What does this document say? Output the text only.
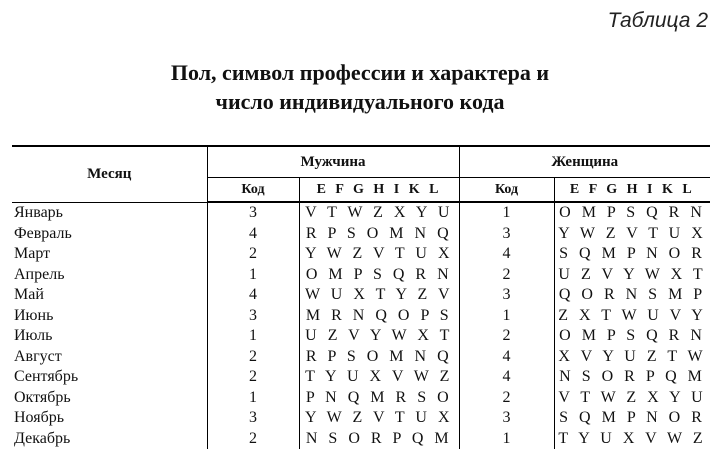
Таблица 2
Пол, символ профессии и характера и
число индивидуального кода
Месяц	Мужчина		Женщина	
	Код	E F G H I K L	Код	E F G H I K L
Январь	3	V T W Z X Y U	1	O M P S Q R N
Февраль	4	R P S O M N Q	3	Y W Z V T U X
Март	2	Y W Z V T U X	4	S Q M P N O R
Апрель	1	O M P S Q R N	2	U Z V Y W X T
Май	4	W U X T Y Z V	3	Q O R N S M P
Июнь	3	M R N Q O P S	1	Z X T W U V Y
Июль	1	U Z V Y W X T	2	O M P S Q R N
Август	2	R P S O M N Q	4	X V Y U Z T W
Сентябрь	2	T Y U X V W Z	4	N S O R P Q M
Октябрь	1	P N Q M R S O	2	V T W Z X Y U
Ноябрь	3	Y W Z V T U X	3	S Q M P N O R
Декабрь	2	N S O R P Q M	1	T Y U X V W Z
